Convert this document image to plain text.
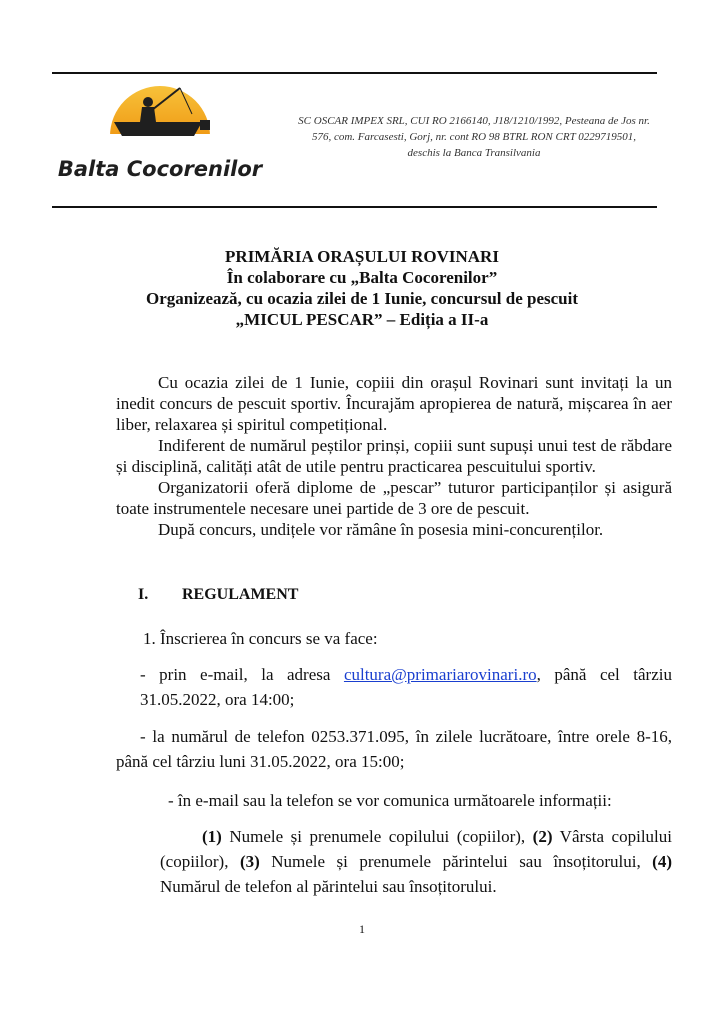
Balta Cocorenilor
SC OSCAR IMPEX SRL, CUI RO 2166140, J18/1210/1992, Pesteana de Jos nr.
576, com. Farcasesti, Gorj, nr. cont RO 98 BTRL RON CRT 0229719501,
deschis la Banca Transilvania
PRIMĂRIA ORAȘULUI ROVINARI
În colaborare cu „Balta Cocorenilor”
Organizează, cu ocazia zilei de 1 Iunie, concursul de pescuit
„MICUL PESCAR” – Ediția a II-a

Cu ocazia zilei de 1 Iunie, copiii din orașul Rovinari sunt invitați la un inedit concurs de pescuit sportiv. Încurajăm apropierea de natură, mișcarea în aer liber, relaxarea și spiritul competițional.

Indiferent de numărul peștilor prinși, copiii sunt supuși unui test de răbdare și disciplină, calități atât de utile pentru practicarea pescuitului sportiv.

Organizatorii oferă diplome de „pescar” tuturor participanților și asigură toate instrumentele necesare unei partide de 3 ore de pescuit.

După concurs, undițele vor rămâne în posesia mini-concurenților.

I. REGULAMENT
1. Înscrierea în concurs se va face:
- prin e-mail, la adresa cultura@primariarovinari.ro, până cel târziu 31.05.2022, ora 14:00;
- la numărul de telefon 0253.371.095, în zilele lucrătoare, între orele 8-16, până cel târziu luni 31.05.2022, ora 15:00;
- în e-mail sau la telefon se vor comunica următoarele informații:
(1) Numele și prenumele copilului (copiilor), (2) Vârsta copilului (copiilor), (3) Numele și prenumele părintelui sau însoțitorului, (4) Numărul de telefon al părintelui sau însoțitorului.
1
